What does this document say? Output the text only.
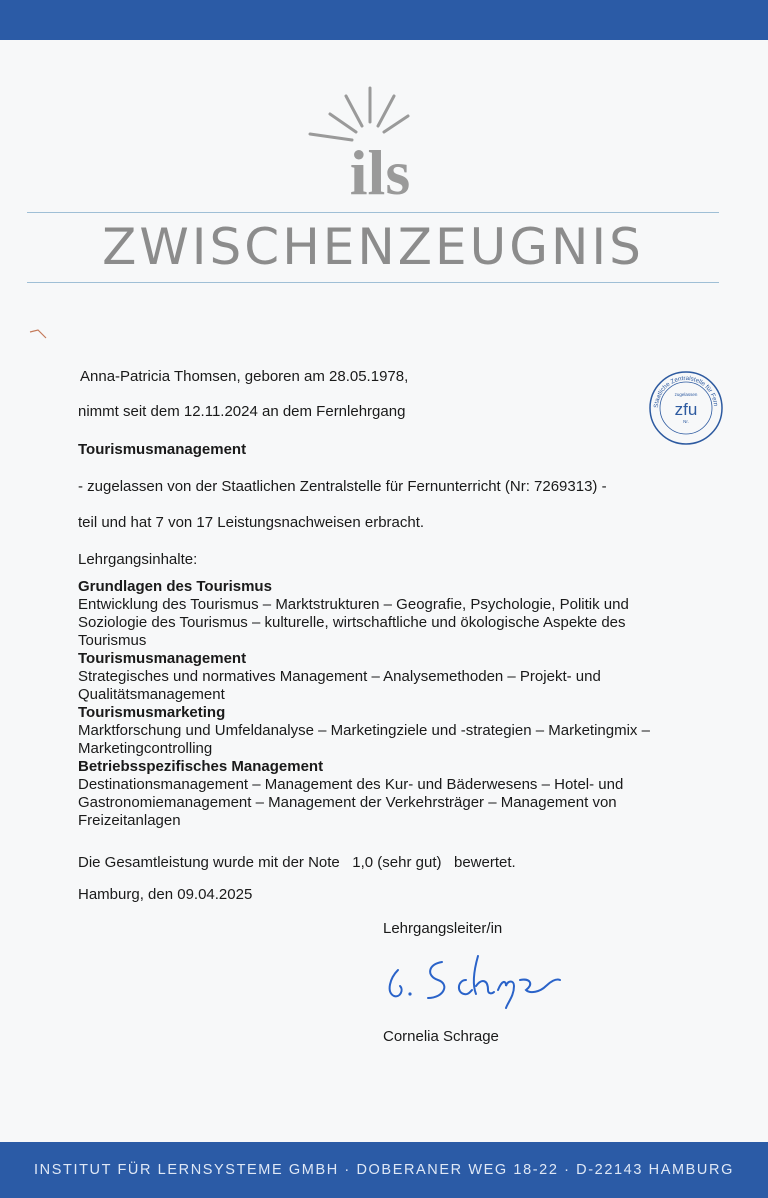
ils
ZWISCHENZEUGNIS
Staatliche Zentralstelle für Fern
zugelassen
zfu
Nr.
Anna-Patricia Thomsen, geboren am 28.05.1978,
nimmt seit dem 12.11.2024 an dem Fernlehrgang
Tourismusmanagement
- zugelassen von der Staatlichen Zentralstelle für Fernunterricht (Nr: 7269313) -
teil und hat 7 von 17 Leistungsnachweisen erbracht.
Lehrgangsinhalte:
Grundlagen des Tourismus
Entwicklung des Tourismus – Marktstrukturen – Geografie, Psychologie, Politik und
Soziologie des Tourismus – kulturelle, wirtschaftliche und ökologische Aspekte des
Tourismus
Tourismusmanagement
Strategisches und normatives Management – Analysemethoden – Projekt- und
Qualitätsmanagement
Tourismusmarketing
Marktforschung und Umfeldanalyse – Marketingziele und -strategien – Marketingmix –
Marketingcontrolling
Betriebsspezifisches Management
Destinationsmanagement – Management des Kur- und Bäderwesens – Hotel- und
Gastronomiemanagement – Management der Verkehrsträger – Management von
Freizeitanlagen
Die Gesamtleistung wurde mit der Note   1,0 (sehr gut)   bewertet.
Hamburg, den 09.04.2025
Lehrgangsleiter/in
Cornelia Schrage
INSTITUT FÜR LERNSYSTEME GMBH · DOBERANER WEG 18-22 · D-22143 HAMBURG
